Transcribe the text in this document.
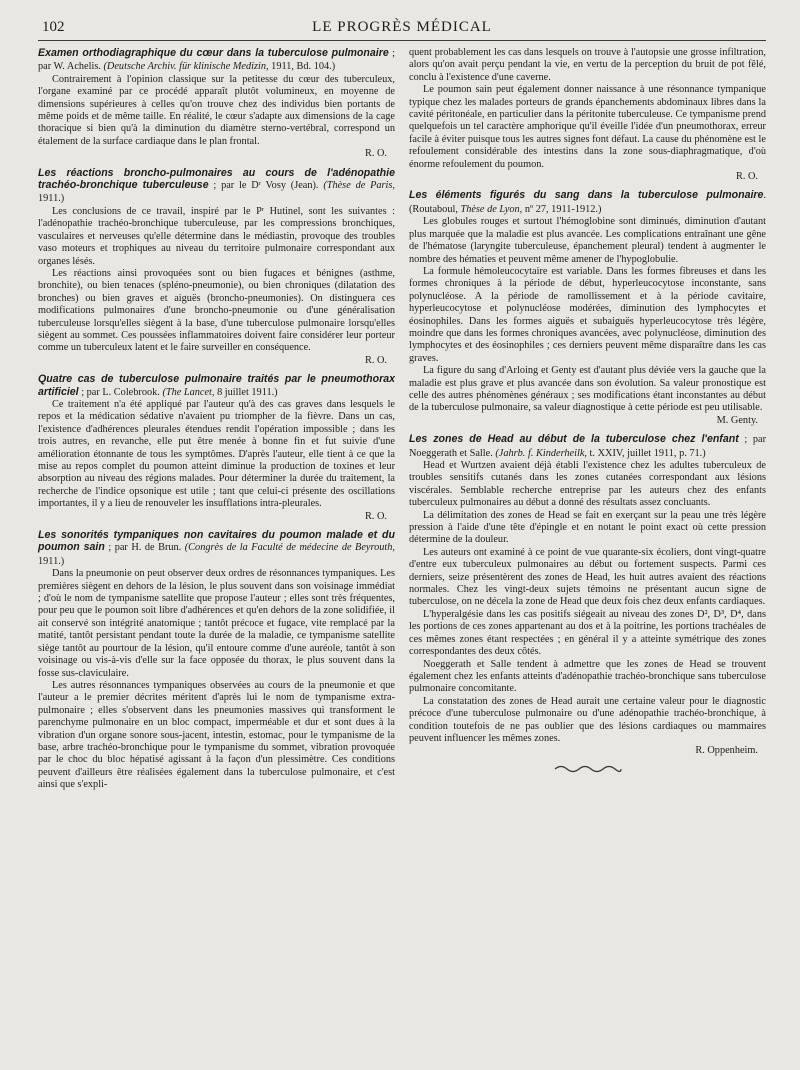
102	LE PROGRÈS MÉDICAL
Examen orthodiagraphique du cœur dans la tuberculose pulmonaire ; par W. Achelis. (Deutsche Archiv. für klinische Medizin, 1911, Bd. 104.)

Contrairement à l'opinion classique sur la petitesse du cœur des tuberculeux, l'organe examiné par ce procédé apparaît plutôt volumineux, en moyenne de dimensions supérieures à celles qu'on trouve chez des individus bien portants de même poids et de même taille. En réalité, le cœur s'adapte aux dimensions de la cage thoracique si bien qu'à la diminution du diamètre sterno-vertébral, correspond un étalement de la surface cardiaque dans le plan frontal.

R. O.
Les réactions broncho-pulmonaires au cours de l'adénopathie trachéo-bronchique tuberculeuse ; par le Dʳ Vosy (Jean). (Thèse de Paris, 1911.)

Les conclusions de ce travail, inspiré par le Pʳ Hutinel, sont les suivantes : l'adénopathie trachéo-bronchique tuberculeuse, par les compressions bronchiques, vasculaires et nerveuses qu'elle détermine dans le médiastin, provoque des troubles vaso moteurs et trophiques au niveau du territoire pulmonaire correspondant aux organes lésés.

Les réactions ainsi provoquées sont ou bien fugaces et bénignes (asthme, bronchite), ou bien tenaces (spléno-pneumonie), ou bien chroniques (dilatation des bronches) ou bien graves et aiguës (broncho-pneumonies). On distinguera ces modifications pulmonaires d'une broncho-pneumonie ou d'une généralisation tuberculeuse lorsqu'elles siègent à la base, d'une tuberculose pulmonaire lorsqu'elles siègent au sommet. Ces poussées inflammatoires doivent faire considérer leur porteur comme un tuberculeux latent et le faire surveiller en conséquence.

R. O.
Quatre cas de tuberculose pulmonaire traités par le pneumothorax artificiel ; par L. Colebrook. (The Lancet, 8 juillet 1911.)

Ce traitement n'a été appliqué par l'auteur qu'à des cas graves dans lesquels le repos et la médication sédative n'avaient pu triompher de la fièvre. Dans un cas, l'existence d'adhérences pleurales étendues rendit l'opération impossible ; dans les trois autres, en revanche, elle put être menée à bonne fin et fut suivie d'une amélioration étonnante de tous les symptômes. D'après l'auteur, elle tient à ce que la mise au repos complet du poumon atteint diminue la production de toxines et leur absorption au niveau des régions malades. Pour déterminer la durée du traitement, la recherche de l'indice opsonique est utile ; tant que celui-ci présente des oscillations importantes, il y a lieu de renouveler les insufflations intra-pleurales.

R. O.
Les sonorités tympaniques non cavitaires du poumon malade et du poumon sain ; par H. de Brun. (Congrès de la Faculté de médecine de Beyrouth, 1911.)

Dans la pneumonie on peut observer deux ordres de résonnances tympaniques. Les premières siègent en dehors de la lésion, le plus souvent dans son voisinage immédiat ; d'où le nom de tympanisme satellite que propose l'auteur ; elles sont très fréquentes, pour peu que le poumon soit libre d'adhérences et qu'en dehors de la zone solidifiée, il ait conservé son intégrité anatomique ; tantôt précoce et fugace, vite remplacé par la matité, tantôt persistant pendant toute la durée de la maladie, ce tympanisme satellite siège tantôt au pourtour de la lésion, qu'il entoure comme d'une auréole, tantôt à son voisinage ou vis-à-vis d'elle sur la face opposée du thorax, le plus souvent dans la fosse sus-claviculaire.

Les autres résonnances tympaniques observées au cours de la pneumonie et que l'auteur a le premier décrites méritent d'après lui le nom de tympanisme extra-pulmonaire ; elles s'observent dans les pneumonies massives qui transforment le parenchyme pulmonaire en un bloc compact, imperméable et dur et sont dues à la vibration d'un organe sonore sous-jacent, intestin, estomac, pour le tympanisme de la base, arbre trachéo-bronchique pour le tympanisme du sommet, vibration provoquée par le choc du bloc hépatisé agissant à la façon d'un plessimètre. Ces conditions peuvent d'ailleurs être réalisées également dans la tuberculose pulmonaire, et c'est ainsi que s'expli-

quent probablement les cas dans lesquels on trouve à l'autopsie une grosse infiltration, alors qu'on avait perçu pendant la vie, en vertu de la perception du bruit de pot fêlé, conclu à l'existence d'une caverne.

Le poumon sain peut également donner naissance à une résonnance tympanique typique chez les malades porteurs de grands épanchements abdominaux libres dans la cavité péritonéale, en particulier dans la péritonite tuberculeuse. Ce tympanisme prend quelquefois un tel caractère amphorique qu'il éveille l'idée d'un pneumothorax, erreur facile à éviter puisque tous les autres signes font défaut. La cause du phénomène est le refoulement considérable des intestins dans la zone sous-diaphragmatique, d'où énorme refoulement du poumon.

R. O.
Les éléments figurés du sang dans la tuberculose pulmonaire. (Routaboul, Thèse de Lyon, nº 27, 1911-1912.)

Les globules rouges et surtout l'hémoglobine sont diminués, diminution d'autant plus marquée que la maladie est plus avancée. Les complications entraînant une gêne de l'hématose (laryngite tuberculeuse, épanchement pleural) tendent à augmenter le nombre des hématies et peuvent même amener de l'hypoglobulie.

La formule hémoleucocytaire est variable. Dans les formes fibreuses et dans les formes chroniques à la période de début, hyperleucocytose inconstante, sans polynucléose. A la période de ramollissement et à la période cavitaire, hyperleucocytose et polynucléose modérées, diminution des lymphocytes et éosinophiles. Dans les formes aiguës et subaiguës hyperleucocytose très légère, moindre que dans les formes chroniques avancées, avec polynucléose, diminution des lymphocytes et des éosinophiles ; ces derniers peuvent même disparaître dans les cas graves.

La figure du sang d'Arloing et Genty est d'autant plus déviée vers la gauche que la maladie est plus grave et plus avancée dans son évolution. Sa valeur pronostique est celle des autres phénomènes généraux ; ses modifications étant inconstantes au début de la tuberculose pulmonaire, sa valeur diagnostique à cette période est peu utilisable.

M. Genty.
Les zones de Head au début de la tuberculose chez l'enfant ; par Noeggerath et Salle. (Jahrb. f. Kinderheilk, t. XXIV, juillet 1911, p. 71.)

Head et Wurtzen avaient déjà établi l'existence chez les adultes tuberculeux de troubles sensitifs cutanés dans les zones cutanées correspondant aux lésions viscérales. Semblable recherche entreprise par les auteurs chez des enfants tuberculeux pulmonaires au début a donné des résultats assez concluants.

La délimitation des zones de Head se fait en exerçant sur la peau une très légère pression à l'aide d'une tête d'épingle et en notant le point exact où cette pression détermine de la douleur.

Les auteurs ont examiné à ce point de vue quarante-six écoliers, dont vingt-quatre d'entre eux tuberculeux pulmonaires au début ou fortement suspects. Parmi ces derniers, seize présentèrent des zones de Head, les huit autres avaient des réactions normales. Chez les vingt-deux sujets témoins ne présentant aucun signe de tuberculose, on ne décela la zone de Head que deux fois chez deux enfants cardiaques.

L'hyperalgésie dans les cas positifs siégeait au niveau des zones D², D³, D⁴, dans les portions de ces zones appartenant au dos et à la poitrine, les portions trachéales de ces mêmes zones étant respectées ; en général il y a atteinte symétrique des zones correspondantes des deux côtés.

Noeggerath et Salle tendent à admettre que les zones de Head se trouvent également chez les enfants atteints d'adénopathie trachéo-bronchique sans tuberculose pulmonaire concomitante.

La constatation des zones de Head aurait une certaine valeur pour le diagnostic précoce d'une tuberculose pulmonaire ou d'une adénopathie trachéo-bronchique, à condition toutefois de ne pas oublier que des lésions cardiaques ou mammaires peuvent influencer les mêmes zones.

R. Oppenheim.
